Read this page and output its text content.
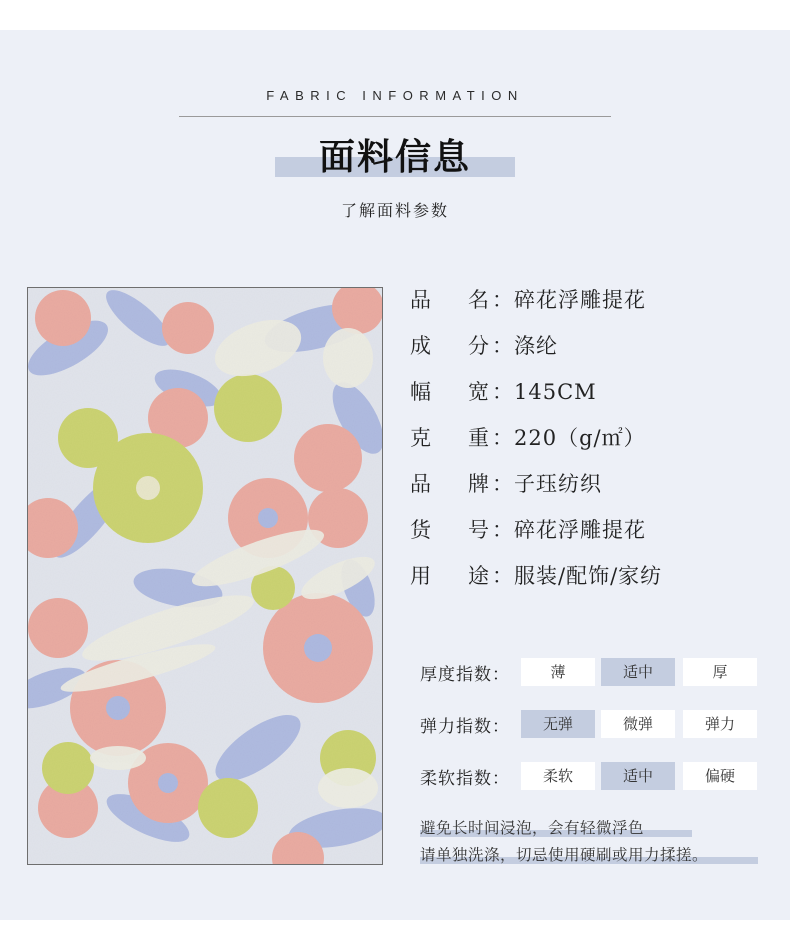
FABRIC INFORMATION
面料信息
了解面料参数
品 名 ：碎花浮雕提花
成 分 ：涤纶
幅 宽 ：145CM
克 重 ：220（g/㎡）
品 牌 ：子珏纺织
货 号 ：碎花浮雕提花
用 途 ：服装/配饰/家纺
厚度指数：	薄	适中	厚
弹力指数：	无弹	微弹	弹力
柔软指数：	柔软	适中	偏硬
避免长时间浸泡，会有轻微浮色
请单独洗涤，切忌使用硬刷或用力揉搓。
